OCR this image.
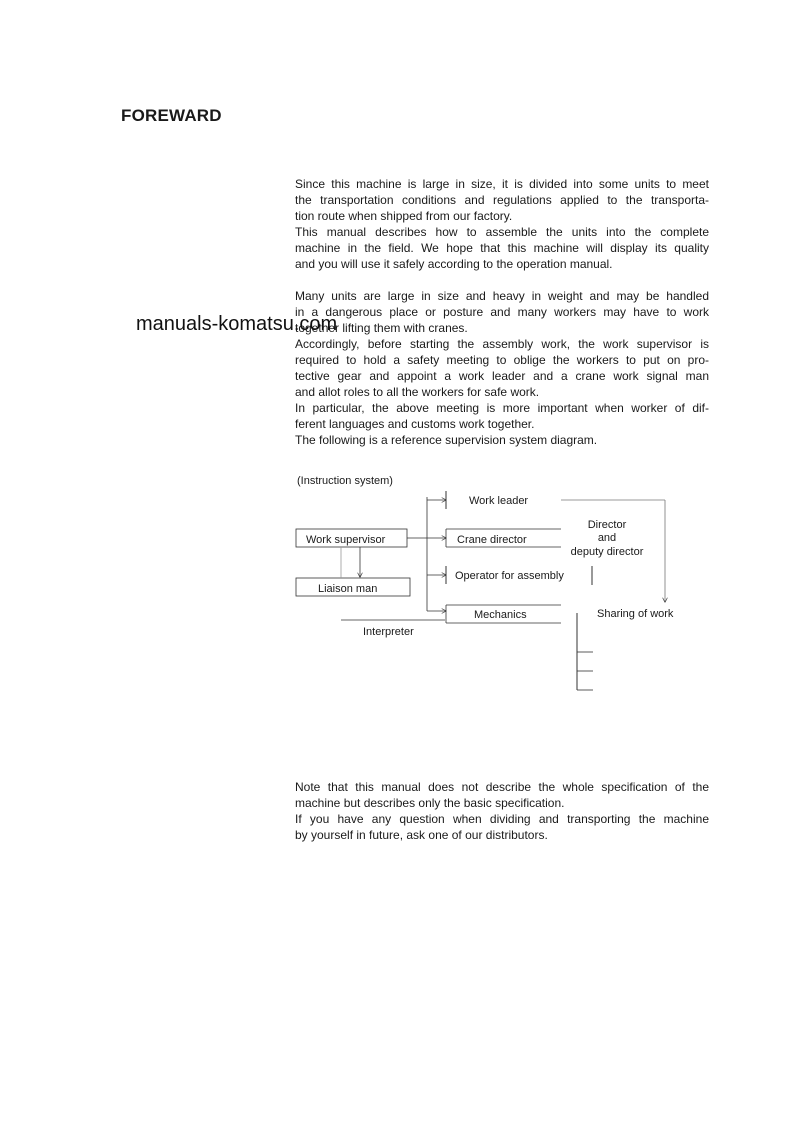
FOREWARD
Since this machine is large in size, it is divided into some units to meet
the transportation conditions and regulations applied to the transporta-
tion route when shipped from our factory.
This manual describes how to assemble the units into the complete
machine in the field. We hope that this machine will display its quality
and you will use it safely according to the operation manual.
Many units are large in size and heavy in weight and may be handled
in a dangerous place or posture and many workers may have to work
together lifting them with cranes.
Accordingly, before starting the assembly work, the work supervisor is
required to hold a safety meeting to oblige the workers to put on pro-
tective gear and appoint a work leader and a crane work signal man
and allot roles to all the workers for safe work.
In particular, the above meeting is more important when worker of dif-
ferent languages and customs work together.
The following is a reference supervision system diagram.
(Instruction system)
Work supervisor
Liaison man
Work leader
Crane director
Director
and
deputy director
Operator for assembly
Mechanics
Interpreter
Sharing of work
Note that this manual does not describe the whole specification of the
machine but describes only the basic specification.
If you have any question when dividing and transporting the machine
by yourself in future, ask one of our distributors.
manuals-komatsu.com
